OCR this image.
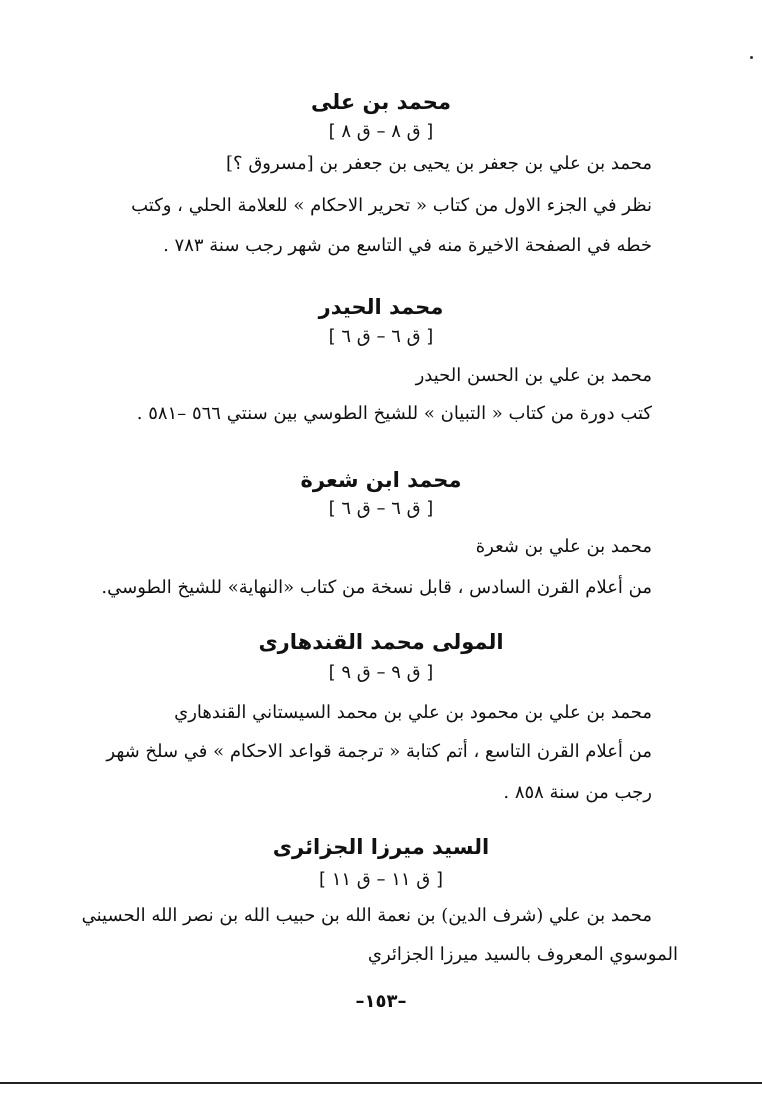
محمد بن علی
[ ق ٨ – ق ٨ ]
محمد بن علي بن جعفر بن يحيى بن جعفر بن [مسروق ؟]
نظر في الجزء الاول من كتاب « تحرير الاحكام » للعلامة الحلي ، وكتب
خطه في الصفحة الاخيرة منه في التاسع من شهر رجب سنة ٧٨٣ .
محمد الحیدر
[ ق ٦ – ق ٦ ]
محمد بن علي بن الحسن الحيدر
كتب دورة من كتاب « التبيان » للشيخ الطوسي بين سنتي ٥٦٦ –٥٨١ .
محمد ابن شعرة
[ ق ٦ – ق ٦ ]
محمد بن علي بن شعرة
من أعلام القرن السادس ، قابل نسخة من كتاب «النهاية» للشيخ الطوسي.
المولی محمد القندهاری
[ ق ٩ – ق ٩ ]
محمد بن علي بن محمود بن علي بن محمد السيستاني القندهاري
من أعلام القرن التاسع ، أتم كتابة « ترجمة قواعد الاحكام » في سلخ شهر
رجب من سنة ٨٥٨ .
السید میرزا الجزائری
[ ق ١١ – ق ١١ ]
محمد بن علي (شرف الدين) بن نعمة الله بن حبيب الله بن نصر الله الحسيني
الموسوي المعروف بالسيد ميرزا الجزائري
–١٥٣–
